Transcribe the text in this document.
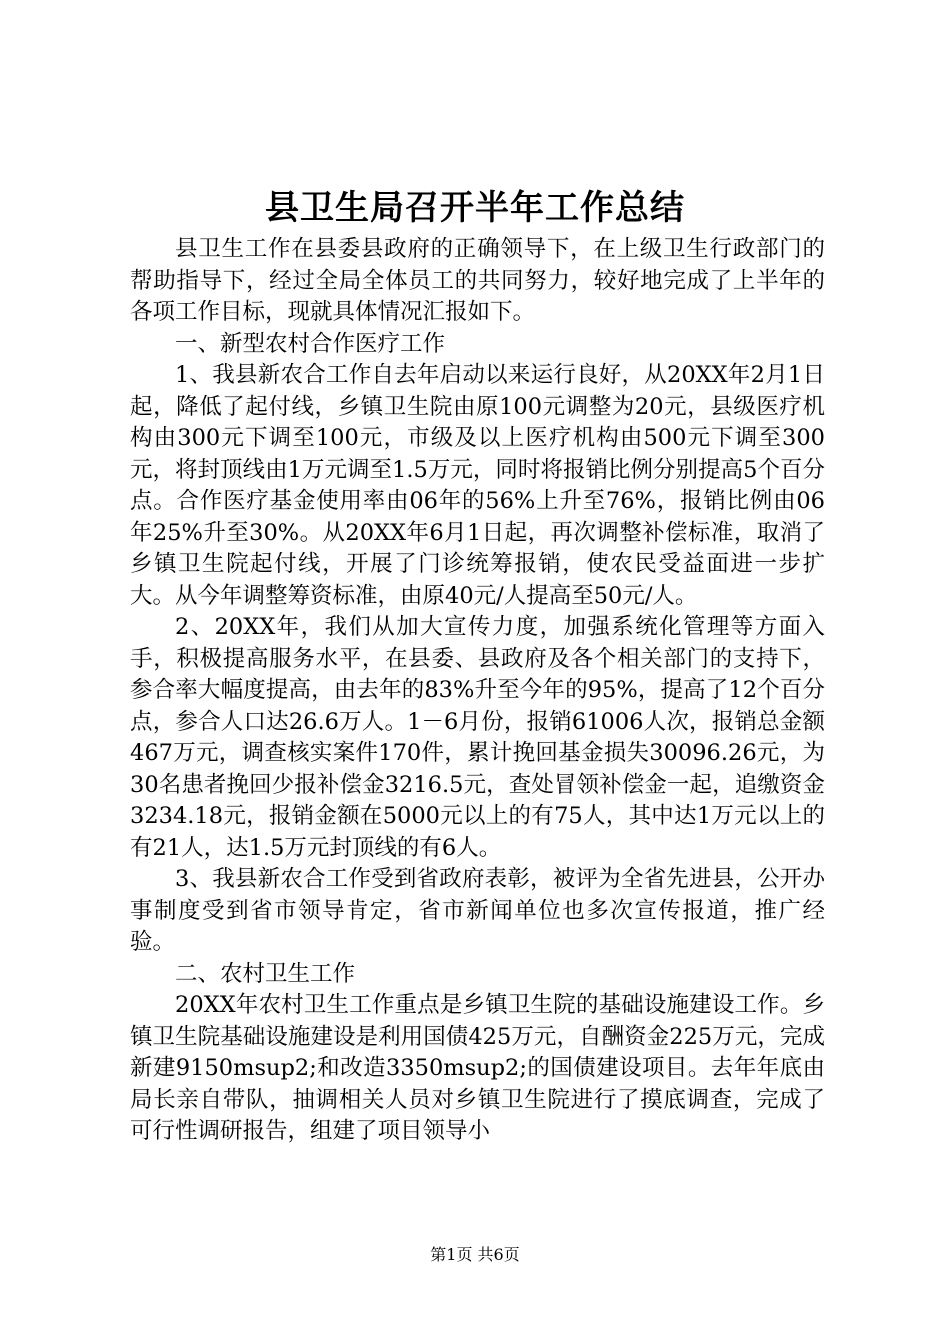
县卫生局召开半年工作总结

县卫生工作在县委县政府的正确领导下，在上级卫生行政部门的帮助指导下，经过全局全体员工的共同努力，较好地完成了上半年的各项工作目标，现就具体情况汇报如下。

一、新型农村合作医疗工作

1、我县新农合工作自去年启动以来运行良好，从20XX年2月1日起，降低了起付线，乡镇卫生院由原100元调整为20元，县级医疗机构由300元下调至100元，市级及以上医疗机构由500元下调至300元，将封顶线由1万元调至1.5万元，同时将报销比例分别提高5个百分点。合作医疗基金使用率由06年的56%上升至76%，报销比例由06年25%升至30%。从20XX年6月1日起，再次调整补偿标准，取消了乡镇卫生院起付线，开展了门诊统筹报销，使农民受益面进一步扩大。从今年调整筹资标准，由原40元/人提高至50元/人。

2、20XX年，我们从加大宣传力度，加强系统化管理等方面入手，积极提高服务水平，在县委、县政府及各个相关部门的支持下，参合率大幅度提高，由去年的83%升至今年的95%，提高了12个百分点，参合人口达26.6万人。1－6月份，报销61006人次，报销总金额467万元，调查核实案件170件，累计挽回基金损失30096.26元，为30名患者挽回少报补偿金3216.5元，查处冒领补偿金一起，追缴资金3234.18元，报销金额在5000元以上的有75人，其中达1万元以上的有21人，达1.5万元封顶线的有6人。

3、我县新农合工作受到省政府表彰，被评为全省先进县，公开办事制度受到省市领导肯定，省市新闻单位也多次宣传报道，推广经验。

二、农村卫生工作

20XX年农村卫生工作重点是乡镇卫生院的基础设施建设工作。乡镇卫生院基础设施建设是利用国债425万元，自酬资金225万元，完成新建9150msup2;和改造3350msup2;的国债建设项目。去年年底由局长亲自带队，抽调相关人员对乡镇卫生院进行了摸底调查，完成了可行性调研报告，组建了项目领导小

第1页 共6页
